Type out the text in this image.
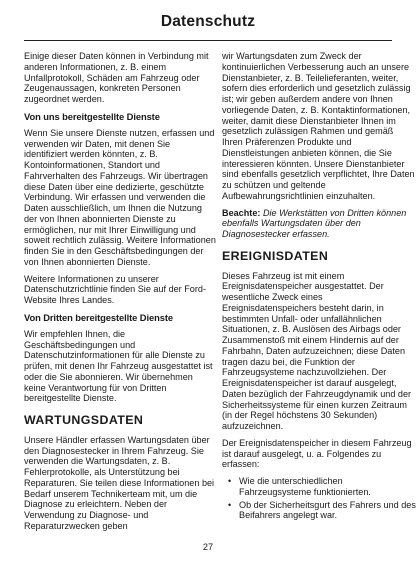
Datenschutz

Einige dieser Daten können in Verbindung mit anderen Informationen, z. B. einem Unfallprotokoll, Schäden am Fahrzeug oder Zeugenaussagen, konkreten Personen zugeordnet werden.

Von uns bereitgestellte Dienste

Wenn Sie unsere Dienste nutzen, erfassen und verwenden wir Daten, mit denen Sie identifiziert werden könnten, z. B. Kontoinformationen, Standort und Fahrverhalten des Fahrzeugs. Wir übertragen diese Daten über eine dedizierte, geschützte Verbindung. Wir erfassen und verwenden die Daten ausschließlich, um Ihnen die Nutzung der von Ihnen abonnierten Dienste zu ermöglichen, nur mit Ihrer Einwilligung und soweit rechtlich zulässig. Weitere Informationen finden Sie in den Geschäftsbedingungen der von Ihnen abonnierten Dienste.

Weitere Informationen zu unserer Datenschutzrichtlinie finden Sie auf der Ford-Website Ihres Landes.

Von Dritten bereitgestellte Dienste

Wir empfehlen Ihnen, die Geschäftsbedingungen und Datenschutzinformationen für alle Dienste zu prüfen, mit denen Ihr Fahrzeug ausgestattet ist oder die Sie abonnieren. Wir übernehmen keine Verantwortung für von Dritten bereitgestellte Dienste.

WARTUNGSDATEN

Unsere Händler erfassen Wartungsdaten über den Diagnosestecker in Ihrem Fahrzeug. Sie verwenden die Wartungsdaten, z. B. Fehlerprotokolle, als Unterstützung bei Reparaturen. Sie teilen diese Informationen bei Bedarf unserem Technikerteam mit, um die Diagnose zu erleichtern. Neben der Verwendung zu Diagnose- und Reparaturzwecken geben

wir Wartungsdaten zum Zweck der kontinuierlichen Verbesserung auch an unsere Dienstanbieter, z. B. Teilelieferanten, weiter, sofern dies erforderlich und gesetzlich zulässig ist; wir geben außerdem andere von Ihnen vorliegende Daten, z. B. Kontaktinformationen, weiter, damit diese Dienstanbieter Ihnen im gesetzlich zulässigen Rahmen und gemäß Ihren Präferenzen Produkte und Dienstleistungen anbieten können, die Sie interessieren könnten. Unsere Dienstanbieter sind ebenfalls gesetzlich verpflichtet, Ihre Daten zu schützen und geltende Aufbewahrungsrichtlinien einzuhalten.

Beachte: Die Werkstätten von Dritten können ebenfalls Wartungsdaten über den Diagnosestecker erfassen.

EREIGNISDATEN

Dieses Fahrzeug ist mit einem Ereignisdatenspeicher ausgestattet. Der wesentliche Zweck eines Ereignisdatenspeichers besteht darin, in bestimmten Unfall- oder unfallähnlichen Situationen, z. B. Auslösen des Airbags oder Zusammenstoß mit einem Hindernis auf der Fahrbahn, Daten aufzuzeichnen; diese Daten tragen dazu bei, die Funktion der Fahrzeugsysteme nachzuvollziehen. Der Ereignisdatenspeicher ist darauf ausgelegt, Daten bezüglich der Fahrzeugdynamik und der Sicherheitssysteme für einen kurzen Zeitraum (in der Regel höchstens 30 Sekunden) aufzuzeichnen.

Der Ereignisdatenspeicher in diesem Fahrzeug ist darauf ausgelegt, u. a. Folgendes zu erfassen:

• Wie die unterschiedlichen Fahrzeugsysteme funktionierten.
• Ob der Sicherheitsgurt des Fahrers und des Beifahrers angelegt war.
27
